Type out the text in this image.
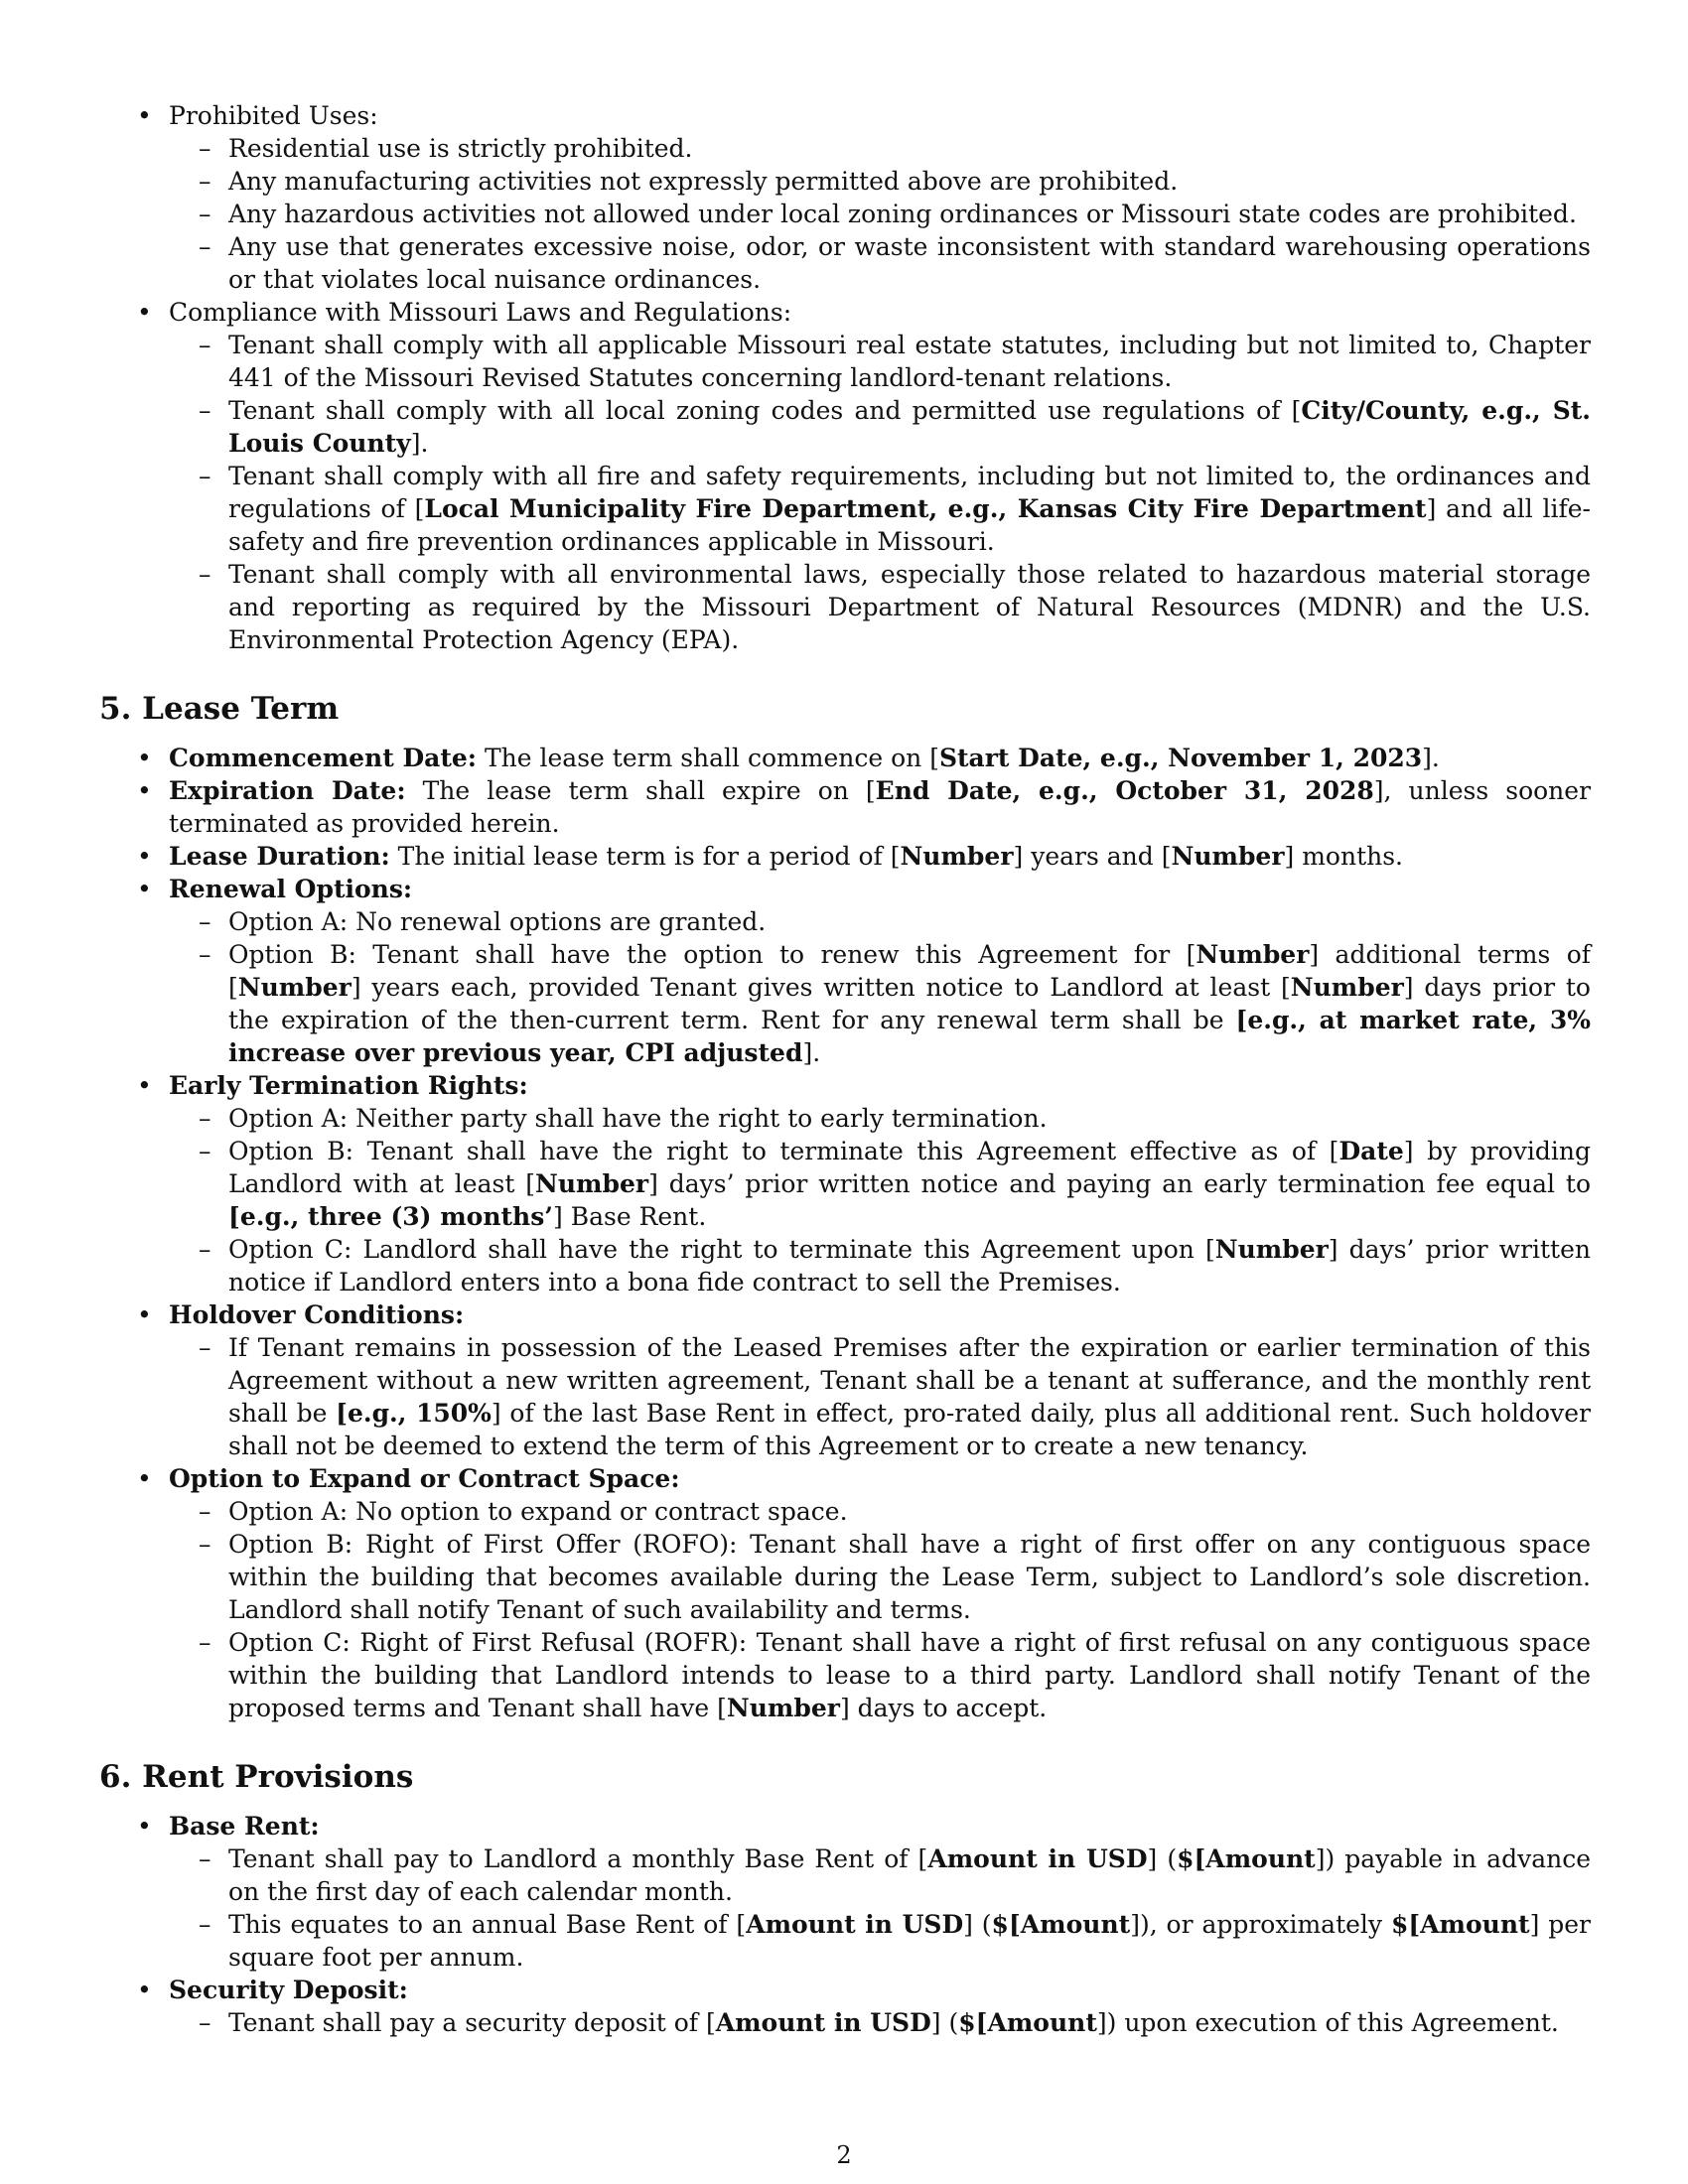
• Prohibited Uses:
– Residential use is strictly prohibited.
– Any manufacturing activities not expressly permitted above are prohibited.
– Any hazardous activities not allowed under local zoning ordinances or Missouri state codes are prohibited.
– Any use that generates excessive noise, odor, or waste inconsistent with standard warehousing operations or that violates local nuisance ordinances.
• Compliance with Missouri Laws and Regulations:
– Tenant shall comply with all applicable Missouri real estate statutes, including but not limited to, Chapter 441 of the Missouri Revised Statutes concerning landlord-tenant relations.
– Tenant shall comply with all local zoning codes and permitted use regulations of [City/County, e.g., St. Louis County].
– Tenant shall comply with all fire and safety requirements, including but not limited to, the ordinances and regulations of [Local Municipality Fire Department, e.g., Kansas City Fire Department] and all life-safety and fire prevention ordinances applicable in Missouri.
– Tenant shall comply with all environmental laws, especially those related to hazardous material storage and reporting as required by the Missouri Department of Natural Resources (MDNR) and the U.S. Environmental Protection Agency (EPA).
5. Lease Term
• Commencement Date: The lease term shall commence on [Start Date, e.g., November 1, 2023].
• Expiration Date: The lease term shall expire on [End Date, e.g., October 31, 2028], unless sooner terminated as provided herein.
• Lease Duration: The initial lease term is for a period of [Number] years and [Number] months.
• Renewal Options:
– Option A: No renewal options are granted.
– Option B: Tenant shall have the option to renew this Agreement for [Number] additional terms of [Number] years each, provided Tenant gives written notice to Landlord at least [Number] days prior to the expiration of the then-current term. Rent for any renewal term shall be [e.g., at market rate, 3% increase over previous year, CPI adjusted].
• Early Termination Rights:
– Option A: Neither party shall have the right to early termination.
– Option B: Tenant shall have the right to terminate this Agreement effective as of [Date] by providing Landlord with at least [Number] days’ prior written notice and paying an early termination fee equal to [e.g., three (3) months’] Base Rent.
– Option C: Landlord shall have the right to terminate this Agreement upon [Number] days’ prior written notice if Landlord enters into a bona fide contract to sell the Premises.
• Holdover Conditions:
– If Tenant remains in possession of the Leased Premises after the expiration or earlier termination of this Agreement without a new written agreement, Tenant shall be a tenant at sufferance, and the monthly rent shall be [e.g., 150%] of the last Base Rent in effect, pro-rated daily, plus all additional rent. Such holdover shall not be deemed to extend the term of this Agreement or to create a new tenancy.
• Option to Expand or Contract Space:
– Option A: No option to expand or contract space.
– Option B: Right of First Offer (ROFO): Tenant shall have a right of first offer on any contiguous space within the building that becomes available during the Lease Term, subject to Landlord’s sole discretion. Landlord shall notify Tenant of such availability and terms.
– Option C: Right of First Refusal (ROFR): Tenant shall have a right of first refusal on any contiguous space within the building that Landlord intends to lease to a third party. Landlord shall notify Tenant of the proposed terms and Tenant shall have [Number] days to accept.
6. Rent Provisions
• Base Rent:
– Tenant shall pay to Landlord a monthly Base Rent of [Amount in USD] ($[Amount]) payable in advance on the first day of each calendar month.
– This equates to an annual Base Rent of [Amount in USD] ($[Amount]), or approximately $[Amount] per square foot per annum.
• Security Deposit:
– Tenant shall pay a security deposit of [Amount in USD] ($[Amount]) upon execution of this Agreement.
2
